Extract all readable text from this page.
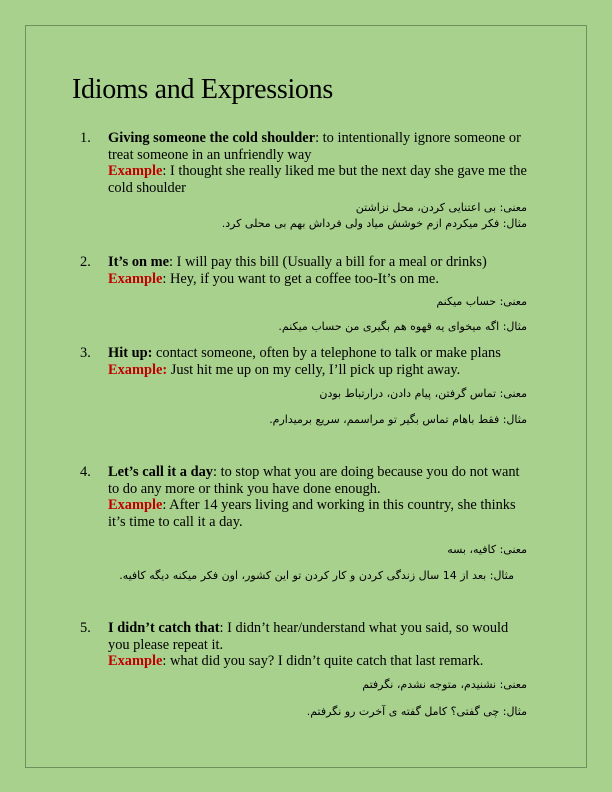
Idioms and Expressions
1. Giving someone the cold shoulder: to intentionally ignore someone or treat someone in an unfriendly way
Example: I thought she really liked me but the next day she gave me the cold shoulder
معنی: بی اعتنایی کردن، محل نزاشتن
مثال: فکر میکردم ازم خوشش میاد ولی فرداش بهم بی محلی کرد.
2. It’s on me: I will pay this bill (Usually a bill for a meal or drinks)
Example: Hey, if you want to get a coffee too-It’s on me.
معنی: حساب میکنم
مثال: اگه میخوای یه قهوه هم بگیری من حساب میکنم.
3. Hit up: contact someone, often by a telephone to talk or make plans
Example: Just hit me up on my celly, I’ll pick up right away.
معنی: تماس گرفتن، پیام دادن، درارتباط بودن
مثال: فقط باهام تماس بگیر تو مراسمم، سریع برمیدارم.
4. Let’s call it a day: to stop what you are doing because you do not want to do any more or think you have done enough.
Example: After 14 years living and working in this country, she thinks it’s time to call it a day.
معنی: کافیه، بسه
مثال: بعد از 14 سال زندگی کردن و کار کردن تو این کشور، اون فکر میکنه دیگه کافیه.
5. I didn’t catch that: I didn’t hear/understand what you said, so would you please repeat it.
Example: what did you say? I didn’t quite catch that last remark.
معنی: نشنیدم، متوجه نشدم، نگرفتم
مثال: چی گفتی؟ کامل گفته ی آخرت رو نگرفتم.
